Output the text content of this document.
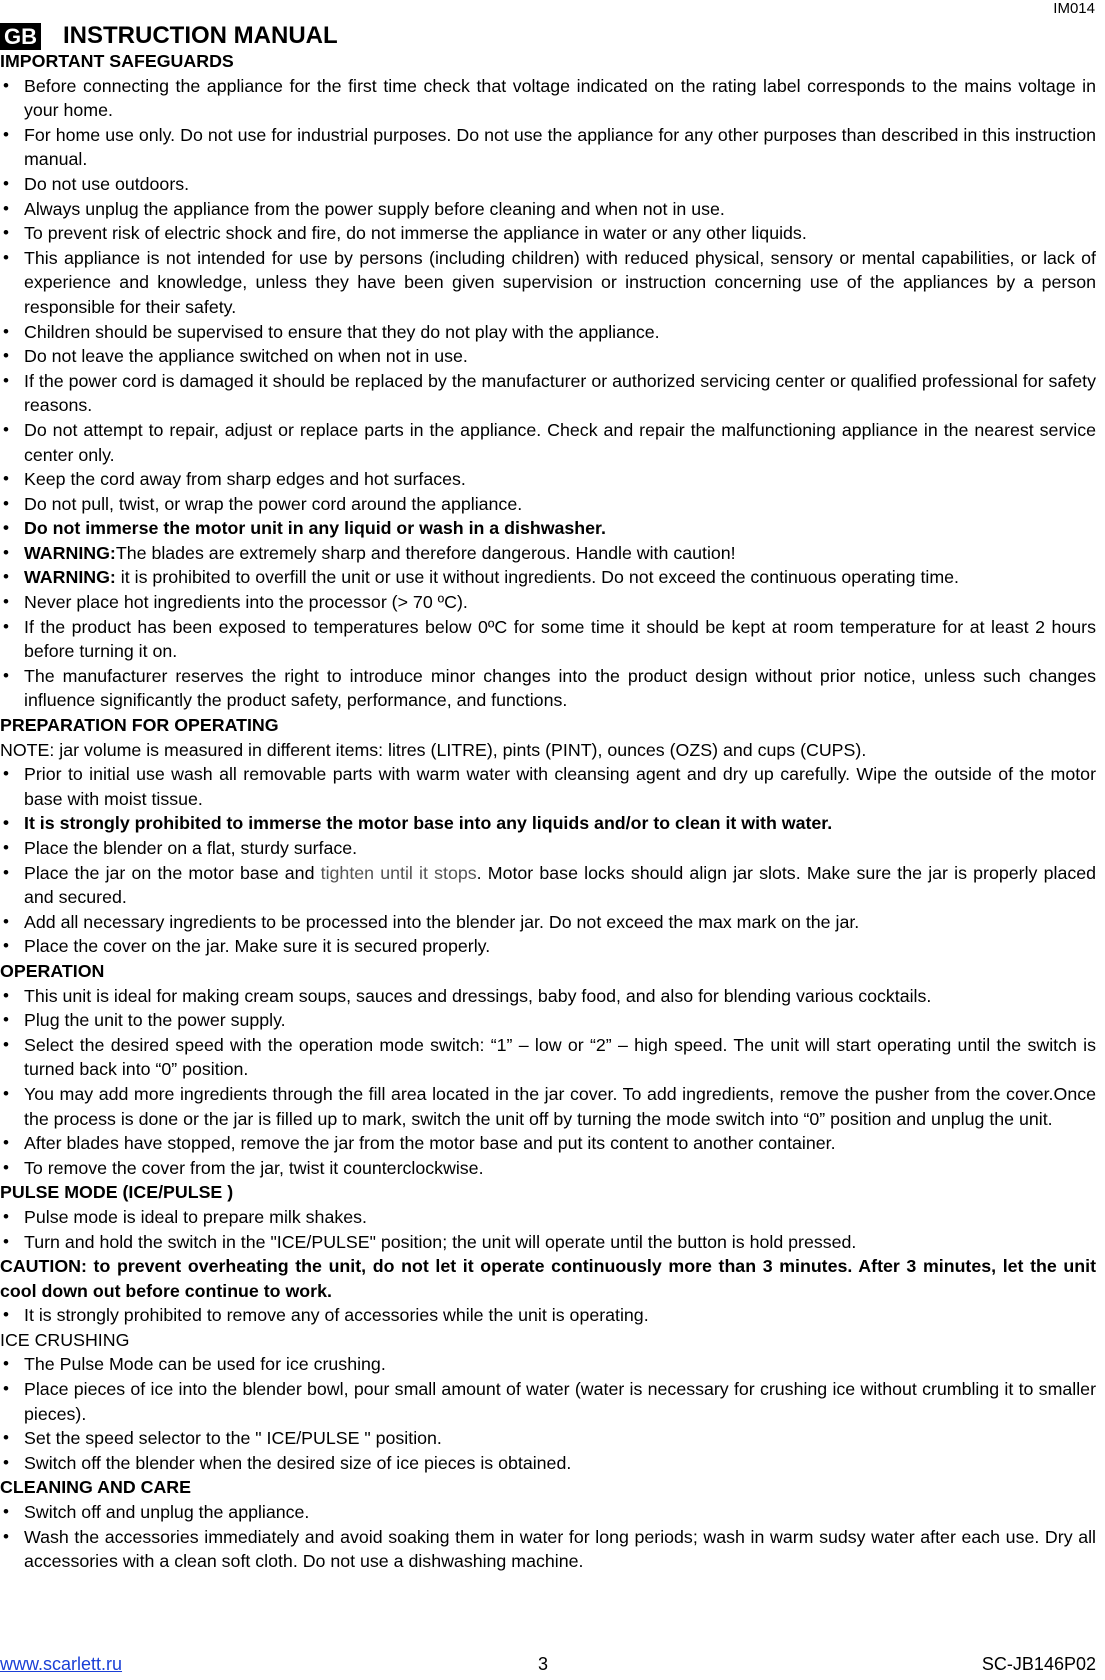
IM014
GB INSTRUCTION MANUAL
IMPORTANT SAFEGUARDS
• Before connecting the appliance for the first time check that voltage indicated on the rating label corresponds to the mains voltage in your home.
• For home use only. Do not use for industrial purposes. Do not use the appliance for any other purposes than described in this instruction manual.
• Do not use outdoors.
• Always unplug the appliance from the power supply before cleaning and when not in use.
• To prevent risk of electric shock and fire, do not immerse the appliance in water or any other liquids.
• This appliance is not intended for use by persons (including children) with reduced physical, sensory or mental capabilities, or lack of experience and knowledge, unless they have been given supervision or instruction concerning use of the appliances by a person responsible for their safety.
• Children should be supervised to ensure that they do not play with the appliance.
• Do not leave the appliance switched on when not in use.
• If the power cord is damaged it should be replaced by the manufacturer or authorized servicing center or qualified professional for safety reasons.
• Do not attempt to repair, adjust or replace parts in the appliance. Check and repair the malfunctioning appliance in the nearest service center only.
• Keep the cord away from sharp edges and hot surfaces.
• Do not pull, twist, or wrap the power cord around the appliance.
• Do not immerse the motor unit in any liquid or wash in a dishwasher.
• WARNING:The blades are extremely sharp and therefore dangerous. Handle with caution!
• WARNING: it is prohibited to overfill the unit or use it without ingredients. Do not exceed the continuous operating time.
• Never place hot ingredients into the processor (> 70 ºC).
• If the product has been exposed to temperatures below 0ºC for some time it should be kept at room temperature for at least 2 hours before turning it on.
• The manufacturer reserves the right to introduce minor changes into the product design without prior notice, unless such changes influence significantly the product safety, performance, and functions.
PREPARATION FOR OPERATING
NOTE: jar volume is measured in different items: litres (LITRE), pints (PINT), ounces (OZS) and cups (CUPS).
• Prior to initial use wash all removable parts with warm water with cleansing agent and dry up carefully. Wipe the outside of the motor base with moist tissue.
• It is strongly prohibited to immerse the motor base into any liquids and/or to clean it with water.
• Place the blender on a flat, sturdy surface.
• Place the jar on the motor base and tighten until it stops. Motor base locks should align jar slots. Make sure the jar is properly placed and secured.
• Add all necessary ingredients to be processed into the blender jar. Do not exceed the max mark on the jar.
• Place the cover on the jar. Make sure it is secured properly.
OPERATION
• This unit is ideal for making cream soups, sauces and dressings, baby food, and also for blending various cocktails.
• Plug the unit to the power supply.
• Select the desired speed with the operation mode switch: “1” – low or “2” – high speed. The unit will start operating until the switch is turned back into “0” position.
• You may add more ingredients through the fill area located in the jar cover. To add ingredients, remove the pusher from the cover.Once the process is done or the jar is filled up to mark, switch the unit off by turning the mode switch into “0” position and unplug the unit.
• After blades have stopped, remove the jar from the motor base and put its content to another container.
• To remove the cover from the jar, twist it counterclockwise.
PULSE MODE (ICE/PULSE )
• Pulse mode is ideal to prepare milk shakes.
• Turn and hold the switch in the "ICE/PULSE" position; the unit will operate until the button is hold pressed.
CAUTION: to prevent overheating the unit, do not let it operate continuously more than 3 minutes. After 3 minutes, let the unit cool down out before continue to work.
• It is strongly prohibited to remove any of accessories while the unit is operating.
ICE CRUSHING
• The Pulse Mode can be used for ice crushing.
• Place pieces of ice into the blender bowl, pour small amount of water (water is necessary for crushing ice without crumbling it to smaller pieces).
• Set the speed selector to the " ICE/PULSE " position.
• Switch off the blender when the desired size of ice pieces is obtained.
CLEANING AND CARE
• Switch off and unplug the appliance.
• Wash the accessories immediately and avoid soaking them in water for long periods; wash in warm sudsy water after each use. Dry all accessories with a clean soft cloth. Do not use a dishwashing machine.
www.scarlett.ru	3	SC-JB146P02
